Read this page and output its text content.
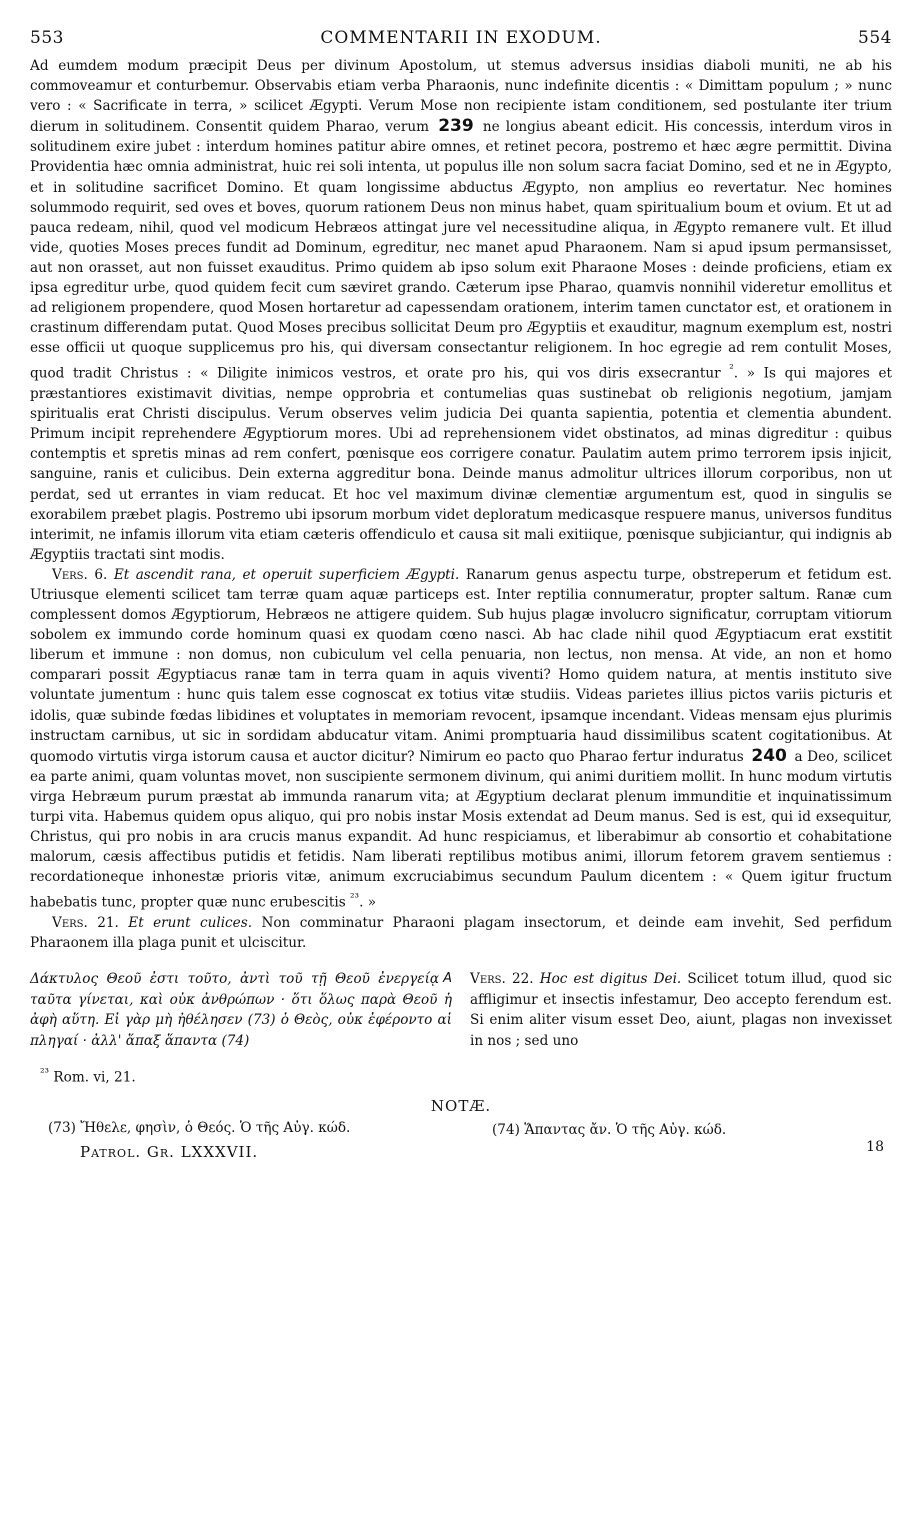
553	COMMENTARII IN EXODUM.	554

Ad eumdem modum præcipit Deus per divinum Apostolum, ut stemus adversus insidias diaboli muniti, ne ab his commoveamur et conturbemur. Observabis etiam verba Pharaonis, nunc indefinite dicentis : « Dimittam populum ; » nunc vero : « Sacrificate in terra, » scilicet Ægypti. Verum Mose non recipiente istam conditionem, sed postulante iter trium dierum in solitudinem. Consentit quidem Pharao, verum 239 ne longius abeant edicit. His concessis, interdum viros in solitudinem exire jubet : interdum homines patitur abire omnes, et retinet pecora, postremo et hæc ægre permittit. Divina Providentia hæc omnia administrat, huic rei soli intenta, ut populus ille non solum sacra faciat Domino, sed et ne in Ægypto, et in solitudine sacrificet Domino. Et quam longissime abductus Ægypto, non amplius eo revertatur. Nec homines solummodo requirit, sed oves et boves, quorum rationem Deus non minus habet, quam spiritualium boum et ovium. Et ut ad pauca redeam, nihil, quod vel modicum Hebræos attingat jure vel necessitudine aliqua, in Ægypto remanere vult. Et illud vide, quoties Moses preces fundit ad Dominum, egreditur, nec manet apud Pharaonem. Nam si apud ipsum permansisset, aut non orasset, aut non fuisset exauditus. Primo quidem ab ipso solum exit Pharaone Moses : deinde proficiens, etiam ex ipsa egreditur urbe, quod quidem fecit cum sæviret grando. Cæterum ipse Pharao, quamvis nonnihil videretur emollitus et ad religionem propendere, quod Mosen hortaretur ad capessendam orationem, interim tamen cunctator est, et orationem in crastinum differendam putat. Quod Moses precibus sollicitat Deum pro Ægyptiis et exauditur, magnum exemplum est, nostri esse officii ut quoque supplicemus pro his, qui diversam consectantur religionem. In hoc egregie ad rem contulit Moses, quod tradit Christus : « Diligite inimicos vestros, et orate pro his, qui vos diris exsecrantur $^{^2}$. » Is qui majores et præstantiores existimavit divitias, nempe opprobria et contumelias quas sustinebat ob religionis negotium, jamjam spiritualis erat Christi discipulus. Verum observes velim judicia Dei quanta sapientia, potentia et clementia abundent. Primum incipit reprehendere Ægyptiorum mores. Ubi ad reprehensionem videt obstinatos, ad minas digreditur : quibus contemptis et spretis minas ad rem confert, pœnisque eos corrigere conatur. Paulatim autem primo terrorem ipsis injicit, sanguine, ranis et culicibus. Dein externa aggreditur bona. Deinde manus admolitur ultrices illorum corporibus, non ut perdat, sed ut errantes in viam reducat. Et hoc vel maximum divinæ clementiæ argumentum est, quod in singulis se exorabilem præbet plagis. Postremo ubi ipsorum morbum videt deploratum medicasque respuere manus, universos funditus interimit, ne infamis illorum vita etiam cæteris offendiculo et causa sit mali exitiique, pœnisque subjiciantur, qui indignis ab Ægyptiis tractati sint modis.

Vers. 6. Et ascendit rana, et operuit superficiem Ægypti. Ranarum genus aspectu turpe, obstreperum et fetidum est. Utriusque elementi scilicet tam terræ quam aquæ particeps est. Inter reptilia connumeratur, propter saltum. Ranæ cum complessent domos Ægyptiorum, Hebræos ne attigere quidem. Sub hujus plagæ involucro significatur, corruptam vitiorum sobolem ex immundo corde hominum quasi ex quodam cœno nasci. Ab hac clade nihil quod Ægyptiacum erat exstitit liberum et immune : non domus, non cubiculum vel cella penuaria, non lectus, non mensa. At vide, an non et homo comparari possit Ægyptiacus ranæ tam in terra quam in aquis viventi? Homo quidem natura, at mentis instituto sive voluntate jumentum : hunc quis talem esse cognoscat ex totius vitæ studiis. Videas parietes illius pictos variis picturis et idolis, quæ subinde fœdas libidines et voluptates in memoriam revocent, ipsamque incendant. Videas mensam ejus plurimis instructam carnibus, ut sic in sordidam abducatur vitam. Animi promptuaria haud dissimilibus scatent cogitationibus. At quomodo virtutis virga istorum causa et auctor dicitur? Nimirum eo pacto quo Pharao fertur induratus 240 a Deo, scilicet ea parte animi, quam voluntas movet, non suscipiente sermonem divinum, qui animi duritiem mollit. In hunc modum virtutis virga Hebræum purum præstat ab immunda ranarum vita; at Ægyptium declarat plenum immunditie et inquinatissimum turpi vita. Habemus quidem opus aliquo, qui pro nobis instar Mosis extendat ad Deum manus. Sed is est, qui id exsequitur, Christus, qui pro nobis in ara crucis manus expandit. Ad hunc respiciamus, et liberabimur ab consortio et cohabitatione malorum, cæsis affectibus putidis et fetidis. Nam liberati reptilibus motibus animi, illorum fetorem gravem sentiemus : recordationeque inhonestæ prioris vitæ, animum excruciabimus secundum Paulum dicentem : « Quem igitur fructum habebatis tunc, propter quæ nunc erubescitis $^{^{23}}$. »

Vers. 21. Et erunt culices. Non comminatur Pharaoni plagam insectorum, et deinde eam invehit, Sed perfidum Pharaonem illa plaga punit et ulciscitur.

A
Δάκτυλος Θεοῦ ἐστι τοῦτο, ἀντὶ τοῦ τῇ Θεοῦ ἐνεργείᾳ ταῦτα γίνεται, καὶ οὐκ ἀνθρώπων · ὅτι ὅλως παρὰ Θεοῦ ἡ ἀφὴ αὕτη. Εἰ γὰρ μὴ ἠθέλησεν (73) ὁ Θεὸς, οὐκ ἐφέροντο αἱ πληγαί · ἀλλ' ἅπαξ ἅπαντα (74)
Vers. 22. Hoc est digitus Dei. Scilicet totum illud, quod sic affligimur et insectis infestamur, Deo accepto ferendum est. Si enim aliter visum esset Deo, aiunt, plagas non invexisset in nos ; sed uno
$^{^{23}}$ Rom. vi, 21.
NOTÆ.
(73) Ἤθελε, φησὶν, ὁ Θεός. Ὁ τῆς Αὐγ. κώδ.	(74) Ἅπαντας ἄν. Ὁ τῆς Αὐγ. κώδ.
Patrol. Gr. LXXXVII.	18
